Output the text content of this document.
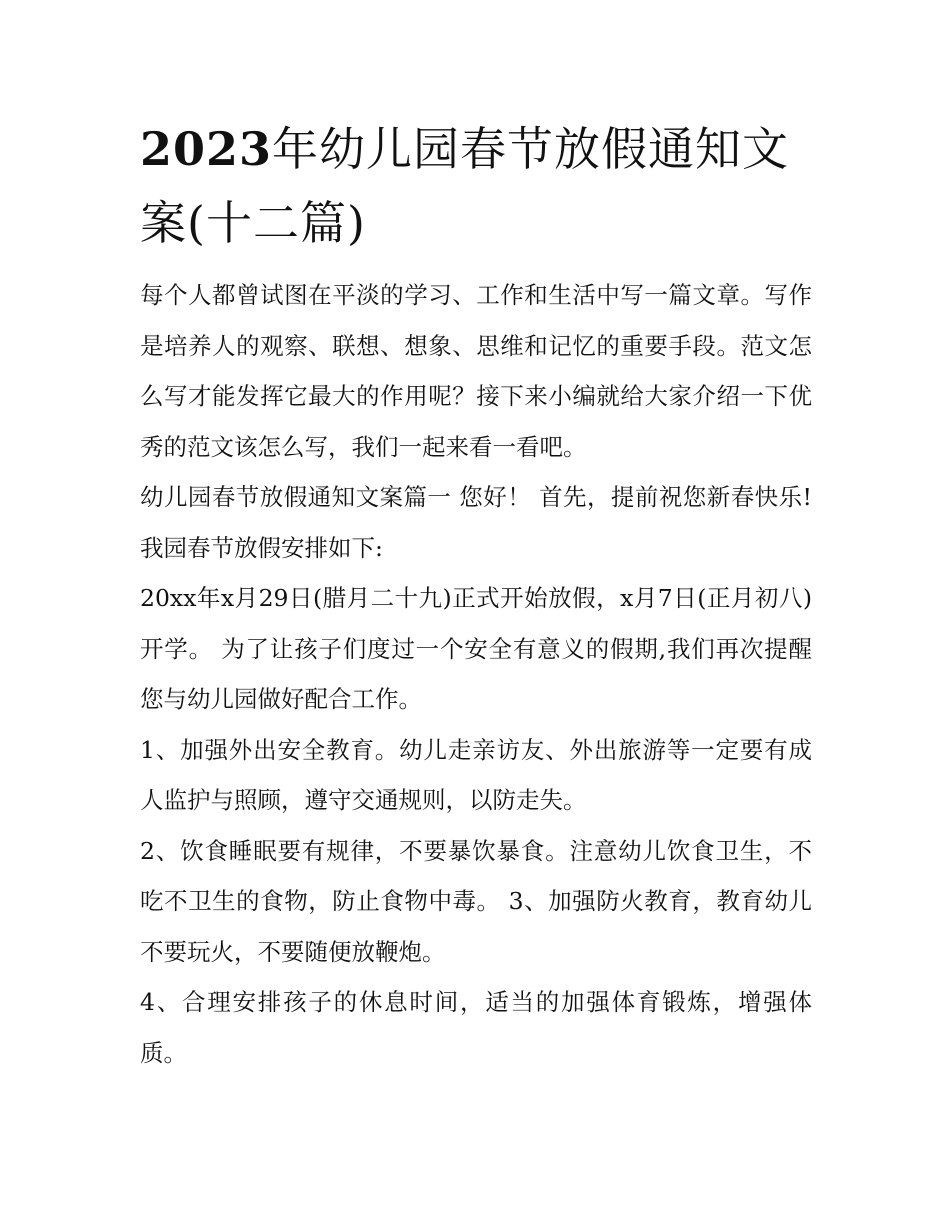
2023年幼儿园春节放假通知文案(十二篇)

每个人都曾试图在平淡的学习、工作和生活中写一篇文章。写作是培养人的观察、联想、想象、思维和记忆的重要手段。范文怎么写才能发挥它最大的作用呢？接下来小编就给大家介绍一下优秀的范文该怎么写，我们一起来看一看吧。

幼儿园春节放假通知文案篇一 您好！ 首先，提前祝您新春快乐!我园春节放假安排如下:

20xx年x月29日(腊月二十九)正式开始放假，x月7日(正月初八)开学。 为了让孩子们度过一个安全有意义的假期,我们再次提醒您与幼儿园做好配合工作。

1、加强外出安全教育。幼儿走亲访友、外出旅游等一定要有成人监护与照顾，遵守交通规则，以防走失。

2、饮食睡眠要有规律，不要暴饮暴食。注意幼儿饮食卫生，不吃不卫生的食物，防止食物中毒。 3、加强防火教育，教育幼儿不要玩火，不要随便放鞭炮。

4、合理安排孩子的休息时间，适当的加强体育锻炼，增强体质。
